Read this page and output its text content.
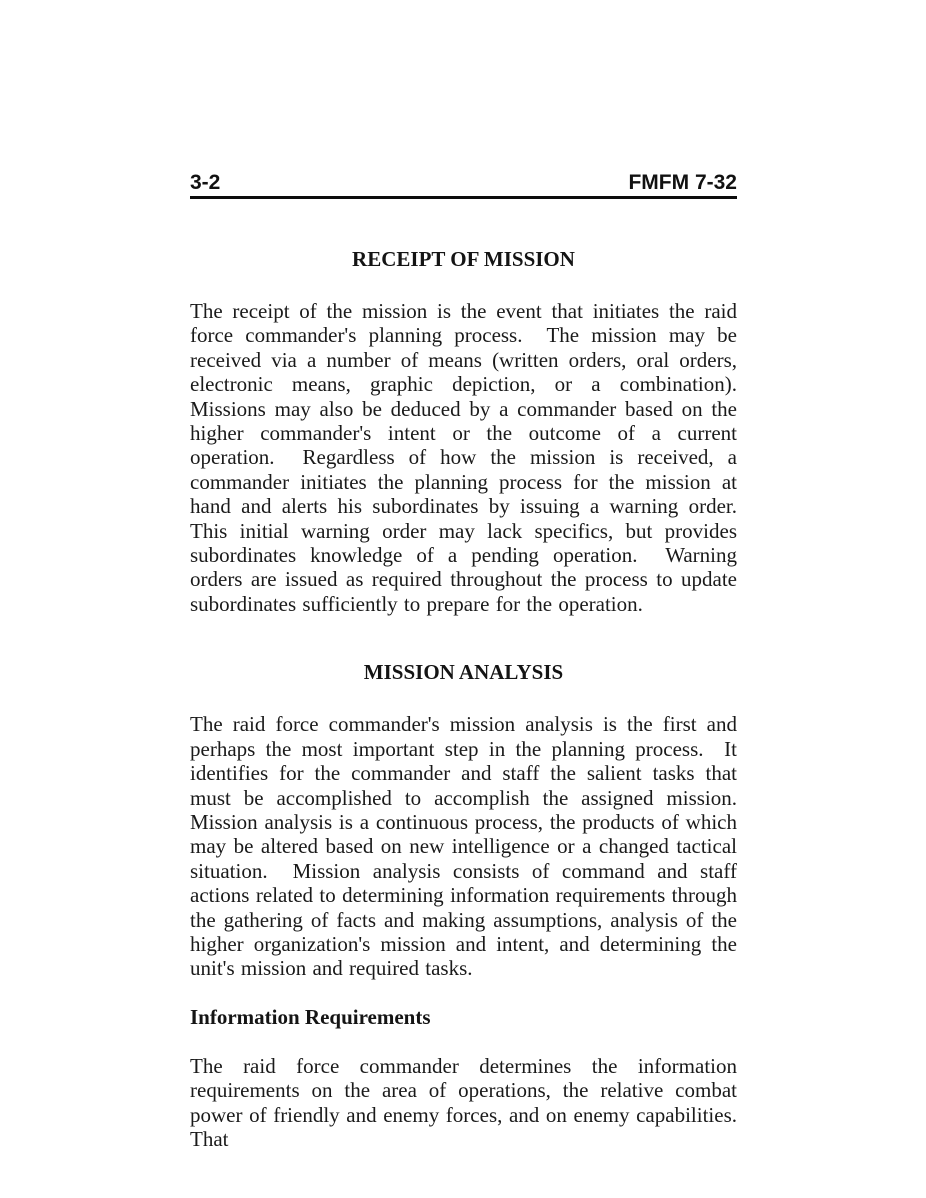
3-2	FMFM 7-32
RECEIPT OF MISSION

The receipt of the mission is the event that initiates the raid force commander's planning process.  The mission may be received via a number of means (written orders, oral orders, electronic means, graphic depiction, or a combination).  Missions may also be deduced by a commander based on the higher commander's intent or the outcome of a current operation.  Regardless of how the mission is received, a commander initiates the planning process for the mission at hand and alerts his subordinates by issuing a warning order.  This initial warning order may lack specifics, but provides subordinates knowledge of a pending operation.  Warning orders are issued as required throughout the process to update subordinates sufficiently to prepare for the operation.

MISSION ANALYSIS

The raid force commander's mission analysis is the first and perhaps the most important step in the planning process.  It identifies for the commander and staff the salient tasks that must be accomplished to accomplish the assigned mission.  Mission analysis is a continuous process, the products of which may be altered based on new intelligence or a changed tactical situation.  Mission analysis consists of command and staff actions related to determining information requirements through the gathering of facts and making assumptions, analysis of the higher organization's mission and intent, and determining the unit's mission and required tasks.

Information Requirements

The raid force commander determines the information requirements on the area of operations, the relative combat power of friendly and enemy forces, and on enemy capabilities.  That
